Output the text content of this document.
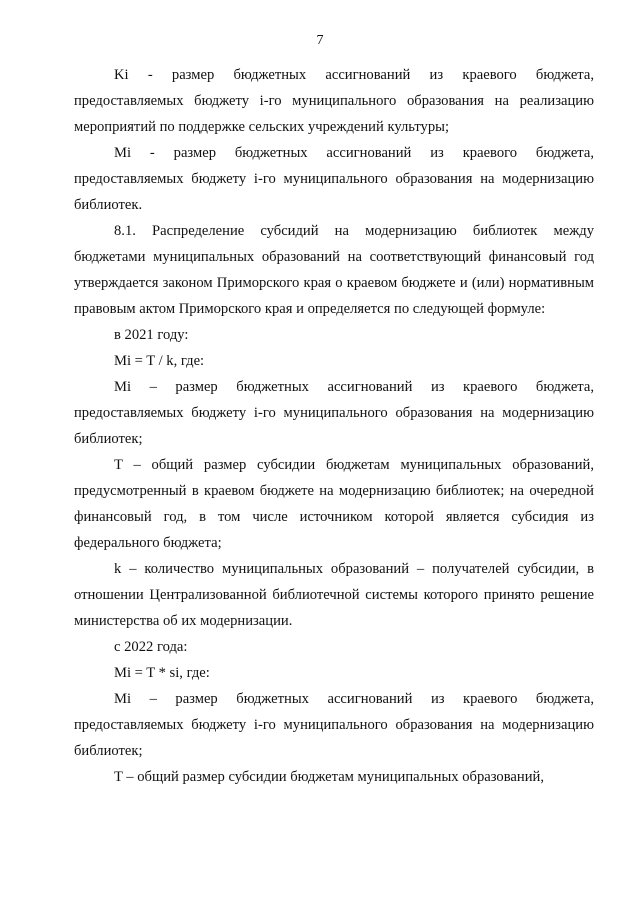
7

Ki - размер бюджетных ассигнований из краевого бюджета, предоставляемых бюджету i-го муниципального образования на реализацию мероприятий по поддержке сельских учреждений культуры;

Mi - размер бюджетных ассигнований из краевого бюджета, предоставляемых бюджету i-го муниципального образования на модернизацию библиотек.

8.1. Распределение субсидий на модернизацию библиотек между бюджетами муниципальных образований на соответствующий финансовый год утверждается законом Приморского края о краевом бюджете и (или) нормативным правовым актом Приморского края и определяется по следующей формуле:

в 2021 году:

Mi = T / k, где:

Mi – размер бюджетных ассигнований из краевого бюджета, предоставляемых бюджету i-го муниципального образования на модернизацию библиотек;

T – общий размер субсидии бюджетам муниципальных образований, предусмотренный в краевом бюджете на модернизацию библиотек; на очередной финансовый год, в том числе источником которой является субсидия из федерального бюджета;

k – количество муниципальных образований – получателей субсидии, в отношении Централизованной библиотечной системы которого принято решение министерства об их модернизации.

с 2022 года:

Mi = T * si, где:

Mi – размер бюджетных ассигнований из краевого бюджета, предоставляемых бюджету i-го муниципального образования на модернизацию библиотек;

T – общий размер субсидии бюджетам муниципальных образований,
